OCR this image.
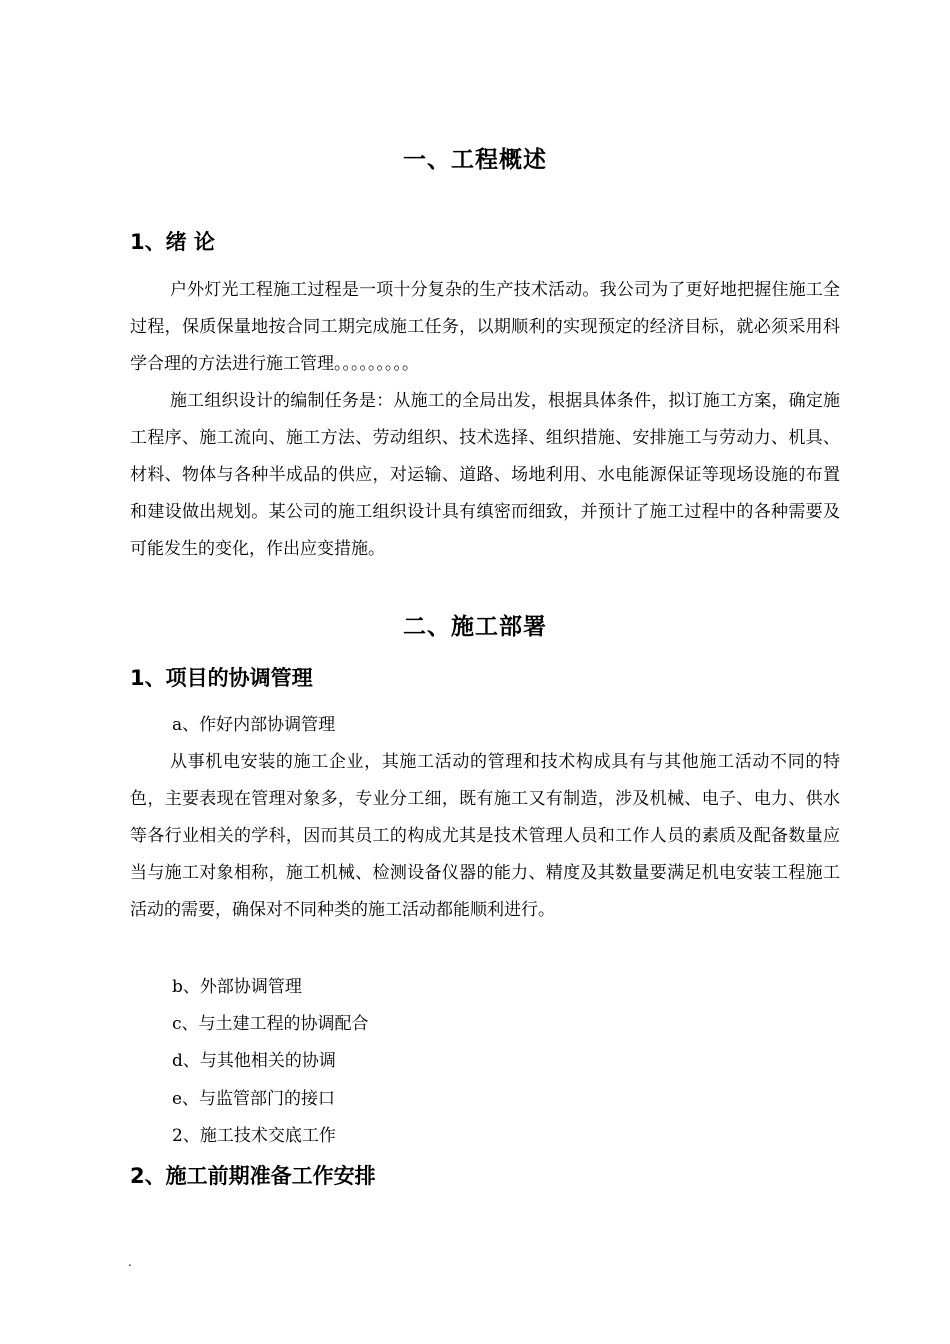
一、工程概述
1、绪 论

户外灯光工程施工过程是一项十分复杂的生产技术活动。我公司为了更好地把握住施工全过程，保质保量地按合同工期完成施工任务，以期顺利的实现预定的经济目标，就必须采用科学合理的方法进行施工管理。。。。。。。。。

施工组织设计的编制任务是：从施工的全局出发，根据具体条件，拟订施工方案，确定施工程序、施工流向、施工方法、劳动组织、技术选择、组织措施、安排施工与劳动力、机具、材料、物体与各种半成品的供应，对运输、道路、场地利用、水电能源保证等现场设施的布置和建设做出规划。某公司的施工组织设计具有缜密而细致，并预计了施工过程中的各种需要及可能发生的变化，作出应变措施。

二、施工部署
1、项目的协调管理

a、作好内部协调管理

从事机电安装的施工企业，其施工活动的管理和技术构成具有与其他施工活动不同的特色，主要表现在管理对象多，专业分工细，既有施工又有制造，涉及机械、电子、电力、供水等各行业相关的学科，因而其员工的构成尤其是技术管理人员和工作人员的素质及配备数量应当与施工对象相称，施工机械、检测设备仪器的能力、精度及其数量要满足机电安装工程施工活动的需要，确保对不同种类的施工活动都能顺利进行。

b、外部协调管理

c、与土建工程的协调配合

d、与其他相关的协调

e、与监管部门的接口

2、施工技术交底工作

2、施工前期准备工作安排
.
